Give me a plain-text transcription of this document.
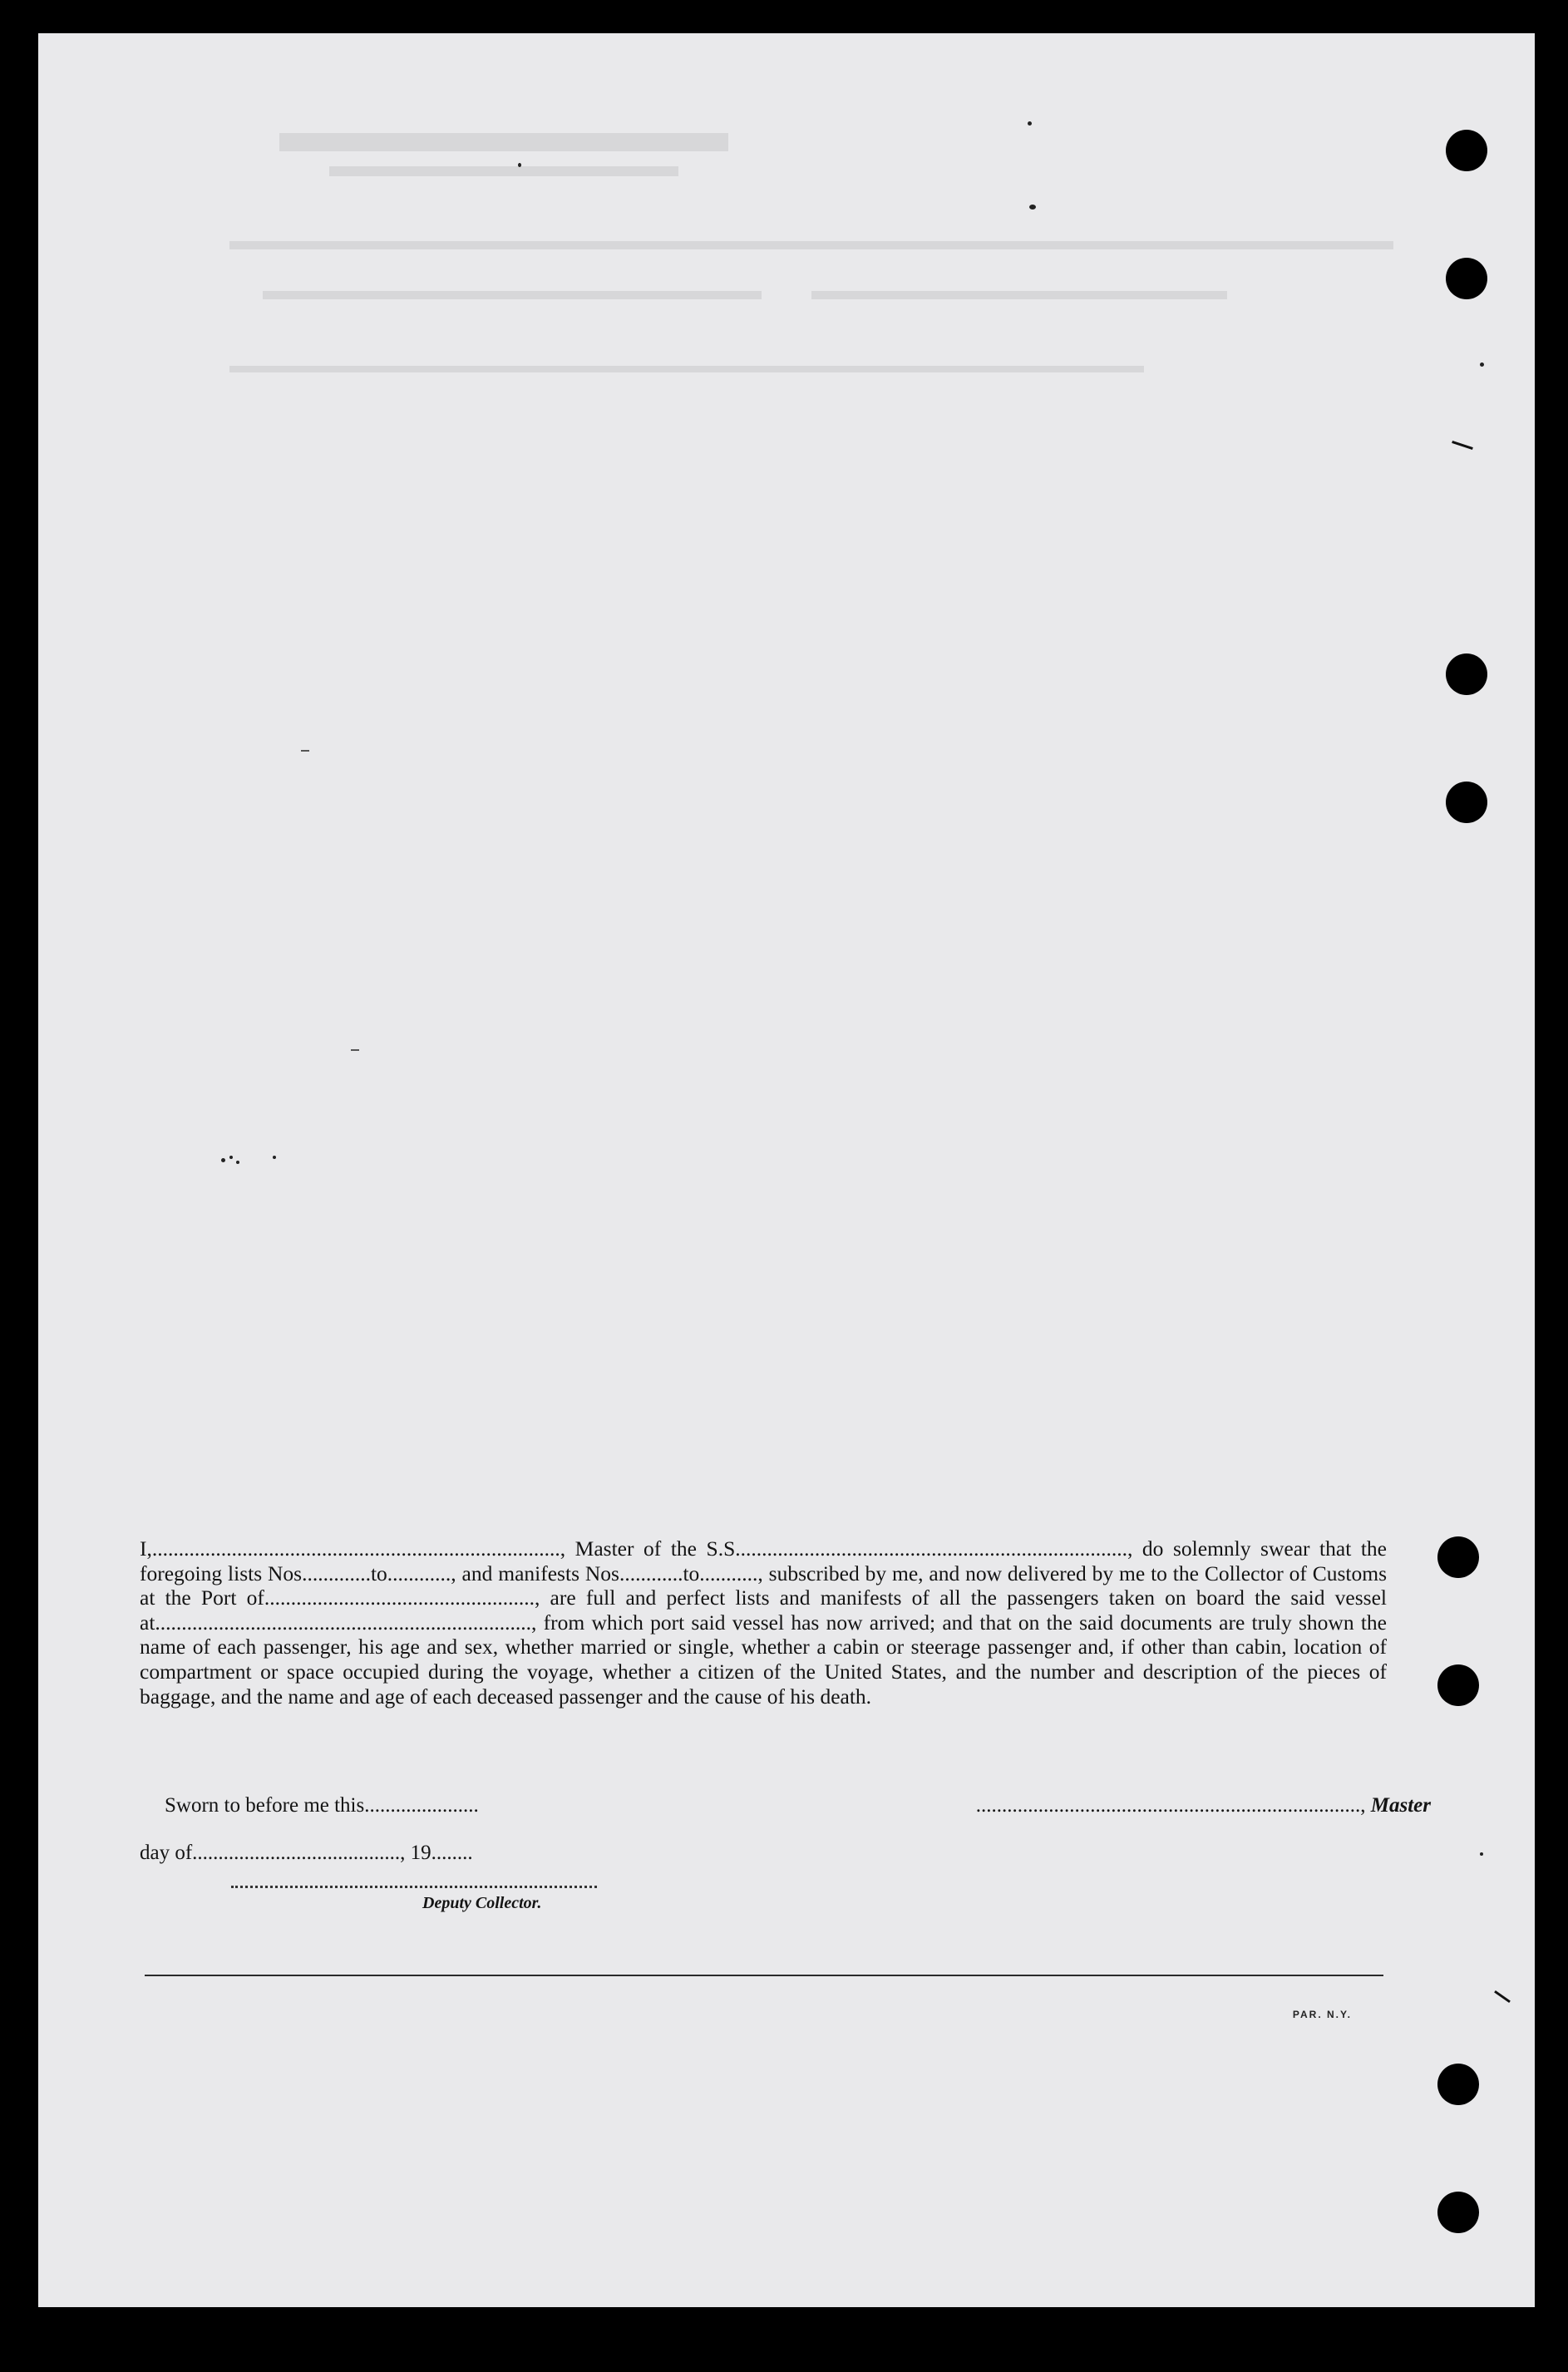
I,............................................................................., Master of the S.S.........................................................................., do solemnly swear that the foregoing lists Nos.............to............, and manifests Nos............to..........., subscribed by me, and now delivered by me to the Collector of Customs at the Port of..................................................., are full and perfect lists and manifests of all the passengers taken on board the said vessel at......................................................................., from which port said vessel has now arrived; and that on the said documents are truly shown the name of each passenger, his age and sex, whether married or single, whether a cabin or steerage passenger and, if other than cabin, location of compartment or space occupied during the voyage, whether a citizen of the United States, and the number and description of the pieces of baggage, and the name and age of each deceased passenger and the cause of his death.

Sworn to before me this......................	.........................................................................., Master
day of........................................, 19........
Deputy Collector.
PAR. N.Y.
